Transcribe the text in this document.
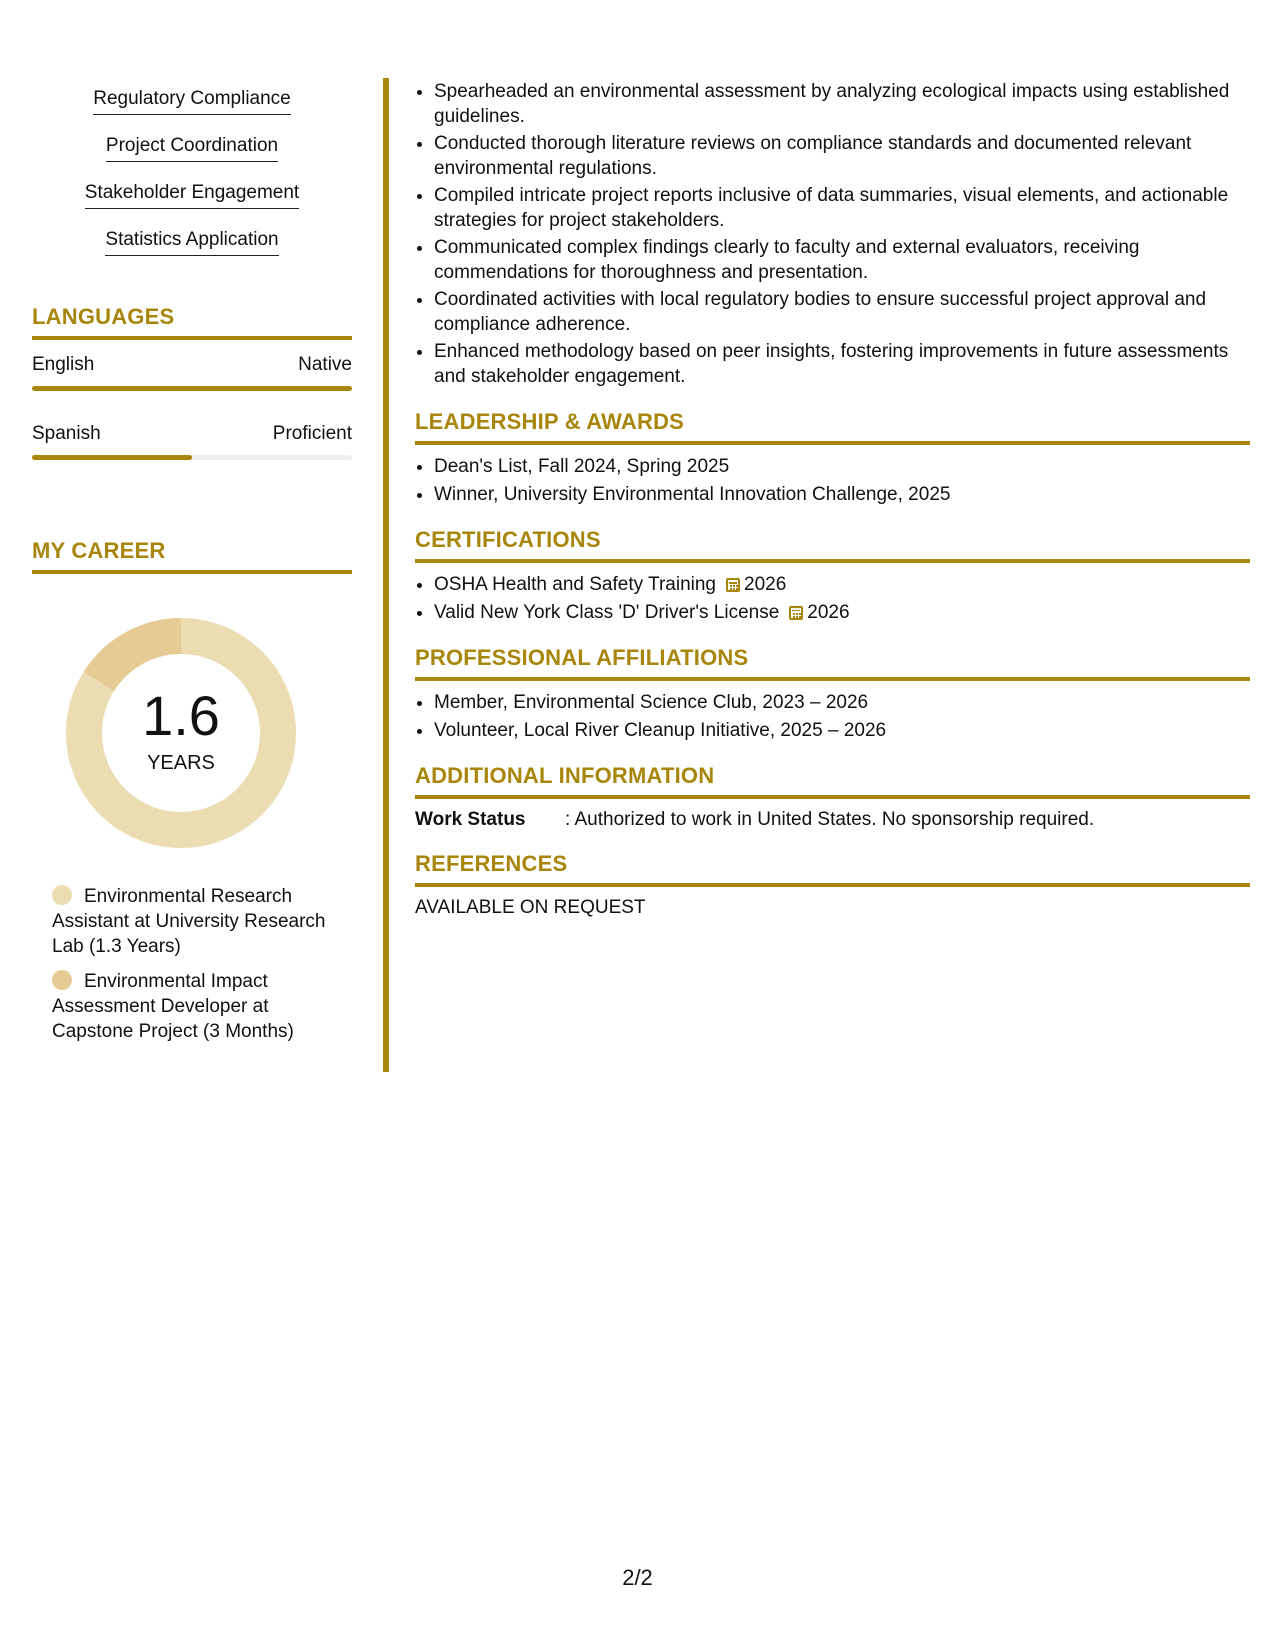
Regulatory Compliance
Project Coordination
Stakeholder Engagement
Statistics Application
LANGUAGES
English	Native
Spanish	Proficient
MY CAREER
1.6
YEARS
Environmental Research Assistant at University Research Lab (1.3 Years)
Environmental Impact Assessment Developer at Capstone Project (3 Months)
• Spearheaded an environmental assessment by analyzing ecological impacts using established guidelines.
• Conducted thorough literature reviews on compliance standards and documented relevant environmental regulations.
• Compiled intricate project reports inclusive of data summaries, visual elements, and actionable strategies for project stakeholders.
• Communicated complex findings clearly to faculty and external evaluators, receiving commendations for thoroughness and presentation.
• Coordinated activities with local regulatory bodies to ensure successful project approval and compliance adherence.
• Enhanced methodology based on peer insights, fostering improvements in future assessments and stakeholder engagement.
LEADERSHIP & AWARDS
• Dean's List, Fall 2024, Spring 2025
• Winner, University Environmental Innovation Challenge, 2025
CERTIFICATIONS
• OSHA Health and Safety Training 2026
• Valid New York Class 'D' Driver's License 2026
PROFESSIONAL AFFILIATIONS
• Member, Environmental Science Club, 2023 – 2026
• Volunteer, Local River Cleanup Initiative, 2025 – 2026
ADDITIONAL INFORMATION
Work Status	: Authorized to work in United States. No sponsorship required.
REFERENCES
AVAILABLE ON REQUEST
2/2
